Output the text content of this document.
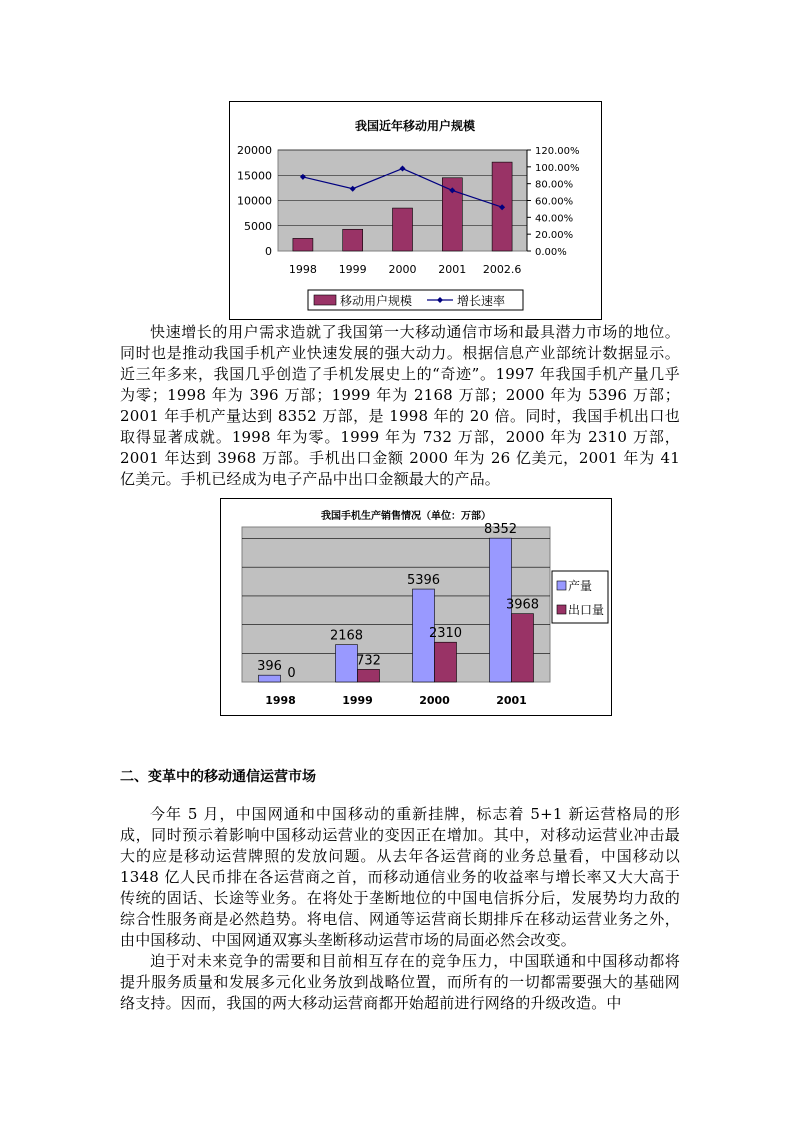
我国近年移动用户规模
0
5000
10000
15000
20000
0.00%
20.00%
40.00%
60.00%
80.00%
100.00%
120.00%
1998 1999 2000 2001 2002.6
移动用户规模	增长速率

快速增长的用户需求造就了我国第一大移动通信市场和最具潜力市场的地位。同时也是推动我国手机产业快速发展的强大动力。根据信息产业部统计数据显示。近三年多来，我国几乎创造了手机发展史上的“奇迹”。1997 年我国手机产量几乎为零；1998 年为 396 万部；1999 年为 2168 万部；2000 年为 5396 万部；2001 年手机产量达到 8352 万部，是 1998 年的 20 倍。同时，我国手机出口也取得显著成就。1998 年为零。1999 年为 732 万部，2000 年为 2310 万部，2001 年达到 3968 万部。手机出口金额 2000 年为 26 亿美元，2001 年为 41 亿美元。手机已经成为电子产品中出口金额最大的产品。

我国手机生产销售情况（单位：万部）
396 0
1998
2168
732
1999
5396
2310
2000
8352
3968
2001
产量
出口量
二、变革中的移动通信运营市场

今年 5 月，中国网通和中国移动的重新挂牌，标志着 5+1 新运营格局的形成，同时预示着影响中国移动运营业的变因正在增加。其中，对移动运营业冲击最大的应是移动运营牌照的发放问题。从去年各运营商的业务总量看，中国移动以 1348 亿人民币排在各运营商之首，而移动通信业务的收益率与增长率又大大高于传统的固话、长途等业务。在将处于垄断地位的中国电信拆分后，发展势均力敌的综合性服务商是必然趋势。将电信、网通等运营商长期排斥在移动运营业务之外，由中国移动、中国网通双寡头垄断移动运营市场的局面必然会改变。

迫于对未来竞争的需要和目前相互存在的竞争压力，中国联通和中国移动都将提升服务质量和发展多元化业务放到战略位置，而所有的一切都需要强大的基础网络支持。因而，我国的两大移动运营商都开始超前进行网络的升级改造。中
